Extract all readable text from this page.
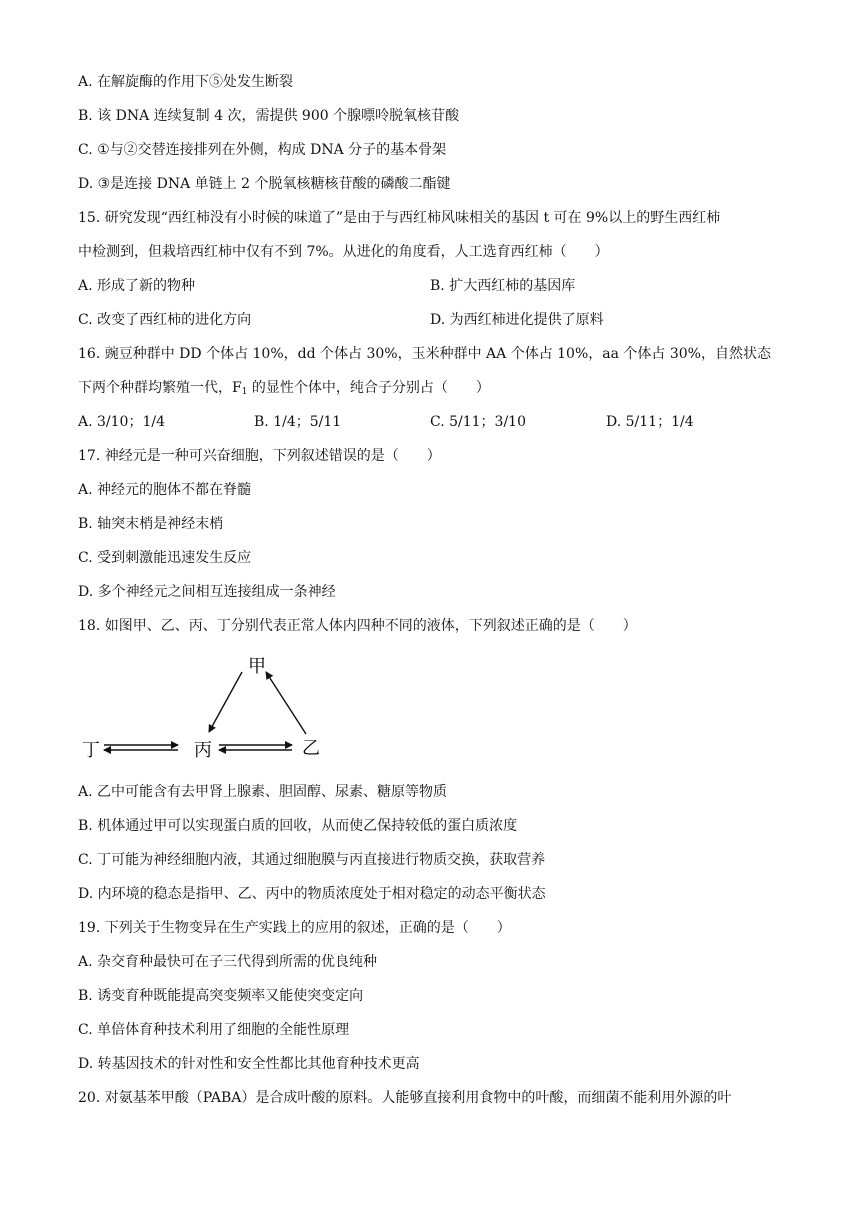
A. 在解旋酶的作用下⑤处发生断裂
B. 该 DNA 连续复制 4 次，需提供 900 个腺嘌呤脱氧核苷酸
C. ①与②交替连接排列在外侧，构成 DNA 分子的基本骨架
D. ③是连接 DNA 单链上 2 个脱氧核糖核苷酸的磷酸二酯键
15. 研究发现“西红柿没有小时候的味道了”是由于与西红柿风味相关的基因 t 可在 9%以上的野生西红柿
中检测到，但栽培西红柿中仅有不到 7%。从进化的角度看，人工选育西红柿（　　）
A. 形成了新的物种	B. 扩大西红柿的基因库
C. 改变了西红柿的进化方向	D. 为西红柿进化提供了原料
16. 豌豆种群中 DD 个体占 10%，dd 个体占 30%，玉米种群中 AA 个体占 10%，aa 个体占 30%，自然状态
下两个种群均繁殖一代，$F_1$ 的显性个体中，纯合子分别占（　　）
A. 3/10；1/4	B. 1/4；5/11	C. 5/11；3/10	D. 5/11；1/4
17. 神经元是一种可兴奋细胞，下列叙述错误的是（　　）
A. 神经元的胞体不都在脊髓
B. 轴突末梢是神经末梢
C. 受到刺激能迅速发生反应
D. 多个神经元之间相互连接组成一条神经
18. 如图甲、乙、丙、丁分别代表正常人体内四种不同的液体，下列叙述正确的是（　　）
甲
乙
丙
丁
A. 乙中可能含有去甲肾上腺素、胆固醇、尿素、糖原等物质
B. 机体通过甲可以实现蛋白质的回收，从而使乙保持较低的蛋白质浓度
C. 丁可能为神经细胞内液，其通过细胞膜与丙直接进行物质交换，获取营养
D. 内环境的稳态是指甲、乙、丙中的物质浓度处于相对稳定的动态平衡状态
19. 下列关于生物变异在生产实践上的应用的叙述，正确的是（　　）
A. 杂交育种最快可在子三代得到所需的优良纯种
B. 诱变育种既能提高突变频率又能使突变定向
C. 单倍体育种技术利用了细胞的全能性原理
D. 转基因技术的针对性和安全性都比其他育种技术更高
20. 对氨基苯甲酸（PABA）是合成叶酸的原料。人能够直接利用食物中的叶酸，而细菌不能利用外源的叶
